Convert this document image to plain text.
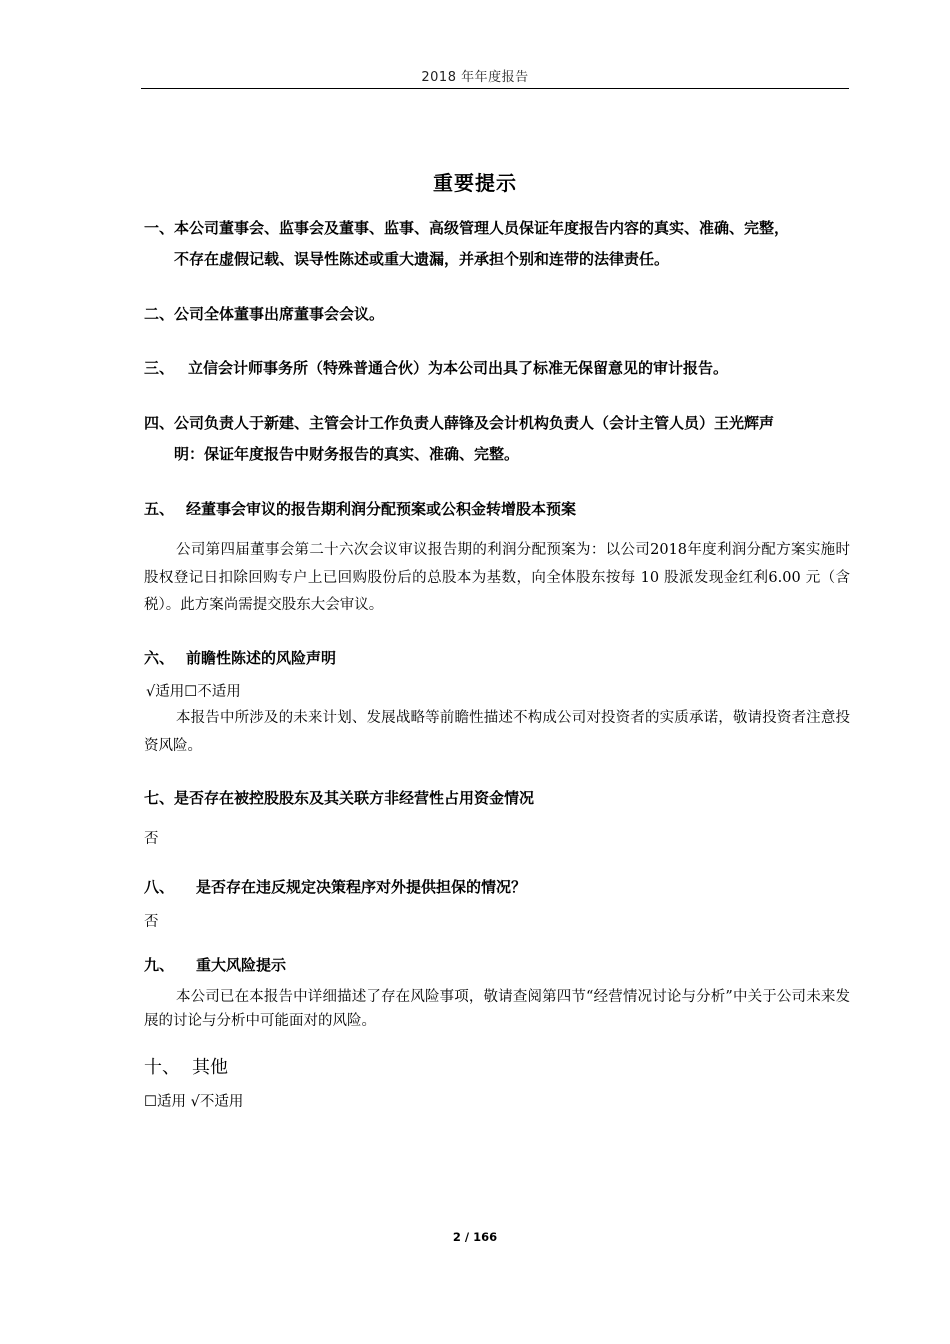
2018 年年度报告
重要提示
一、本公司董事会、监事会及董事、监事、高级管理人员保证年度报告内容的真实、准确、完整，
不存在虚假记载、误导性陈述或重大遗漏，并承担个别和连带的法律责任。
二、公司全体董事出席董事会会议。
三、 立信会计师事务所（特殊普通合伙）为本公司出具了标准无保留意见的审计报告。
四、公司负责人于新建、主管会计工作负责人薛锋及会计机构负责人（会计主管人员）王光辉声
明：保证年度报告中财务报告的真实、准确、完整。
五、 经董事会审议的报告期利润分配预案或公积金转增股本预案
公司第四届董事会第二十六次会议审议报告期的利润分配预案为：以公司2018年度利润分配方案实施时股权登记日扣除回购专户上已回购股份后的总股本为基数，向全体股东按每 10 股派发现金红利6.00 元（含税）。此方案尚需提交股东大会审议。
六、 前瞻性陈述的风险声明
√适用☐不适用
本报告中所涉及的未来计划、发展战略等前瞻性描述不构成公司对投资者的实质承诺，敬请投资者注意投资风险。
七、是否存在被控股股东及其关联方非经营性占用资金情况
否
八、 是否存在违反规定决策程序对外提供担保的情况？
否
九、 重大风险提示
本公司已在本报告中详细描述了存在风险事项，敬请查阅第四节“经营情况讨论与分析”中关于公司未来发展的讨论与分析中可能面对的风险。
十、 其他
☐适用 √不适用
2 / 166
